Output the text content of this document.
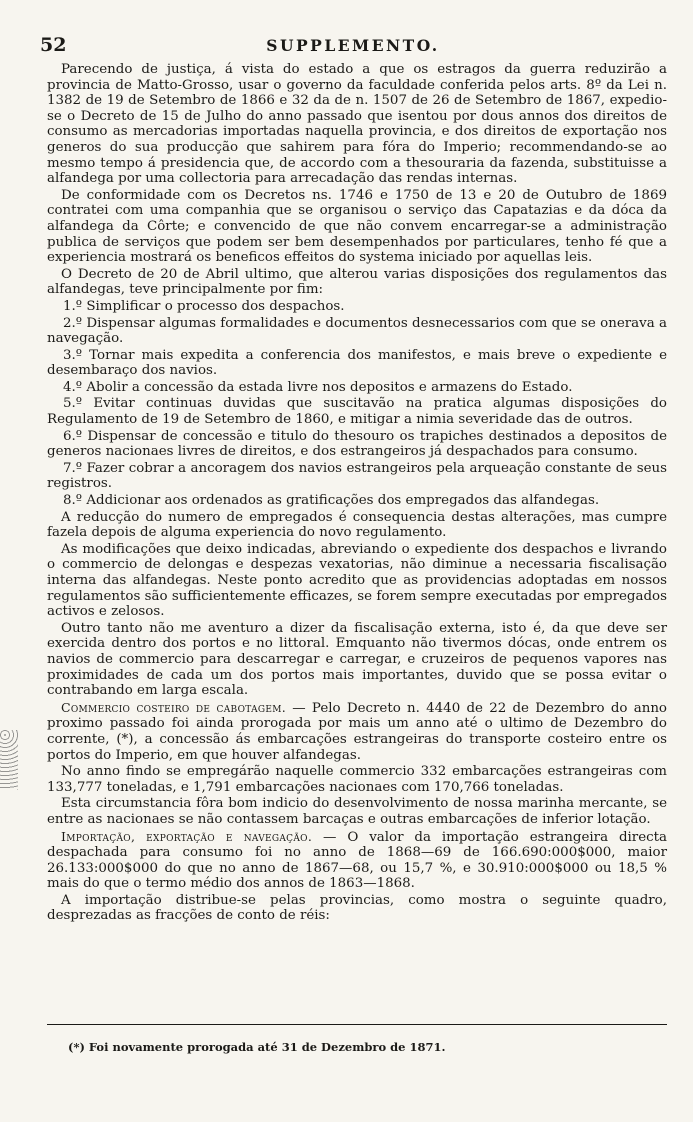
52	SUPPLEMENTO.

Parecendo de justiça, á vista do estado a que os estragos da guerra reduzirão a provincia de Matto-Grosso, usar o governo da faculdade conferida pelos arts. 8º da Lei n. 1382 de 19 de Setembro de 1866 e 32 da de n. 1507 de 26 de Setembro de 1867, expedio-se o Decreto de 15 de Julho do anno passado que isentou por dous annos dos direitos de consumo as mercadorias importadas naquella provincia, e dos direitos de exportação nos generos do sua producção que sahirem para fóra do Imperio; recommendando-se ao mesmo tempo á presidencia que, de accordo com a thesouraria da fazenda, substituisse a alfandega por uma collectoria para arrecadação das rendas internas.

De conformidade com os Decretos ns. 1746 e 1750 de 13 e 20 de Outubro de 1869 contratei com uma companhia que se organisou o serviço das Capatazias e da dóca da alfandega da Côrte; e convencido de que não convem encarregar-se a administração publica de serviços que podem ser bem desempenhados por particulares, tenho fé que a experiencia mostrará os beneficos effeitos do systema iniciado por aquellas leis.

O Decreto de 20 de Abril ultimo, que alterou varias disposições dos regulamentos das alfandegas, teve principalmente por fim:

1.º Simplificar o processo dos despachos.

2.º Dispensar algumas formalidades e documentos desnecessarios com que se onerava a navegação.

3.º Tornar mais expedita a conferencia dos manifestos, e mais breve o expediente e desembaraço dos navios.

4.º Abolir a concessão da estada livre nos depositos e armazens do Estado.

5.º Evitar continuas duvidas que suscitavão na pratica algumas disposições do Regulamento de 19 de Setembro de 1860, e mitigar a nimia severidade das de outros.

6.º Dispensar de concessão e titulo do thesouro os trapiches destinados a depositos de generos nacionaes livres de direitos, e dos estrangeiros já despachados para consumo.

7.º Fazer cobrar a ancoragem dos navios estrangeiros pela arqueação constante de seus registros.

8.º Addicionar aos ordenados as gratificações dos empregados das alfandegas.

A reducção do numero de empregados é consequencia destas alterações, mas cumpre fazela depois de alguma experiencia do novo regulamento.

As modificações que deixo indicadas, abreviando o expediente dos despachos e livrando o commercio de delongas e despezas vexatorias, não diminue a necessaria fiscalisação interna das alfandegas. Neste ponto acredito que as providencias adoptadas em nossos regulamentos são sufficientemente efficazes, se forem sempre executadas por empregados activos e zelosos.

Outro tanto não me aventuro a dizer da fiscalisação externa, isto é, da que deve ser exercida dentro dos portos e no littoral. Emquanto não tivermos dócas, onde entrem os navios de commercio para descarregar e carregar, e cruzeiros de pequenos vapores nas proximidades de cada um dos portos mais importantes, duvido que se possa evitar o contrabando em larga escala.

Commercio costeiro de cabotagem. — Pelo Decreto n. 4440 de 22 de Dezembro do anno proximo passado foi ainda prorogada por mais um anno até o ultimo de Dezembro do corrente, (*), a concessão ás embarcações estrangeiras do transporte costeiro entre os portos do Imperio, em que houver alfandegas.

No anno findo se empregárão naquelle commercio 332 embarcações estrangeiras com 133,777 toneladas, e 1,791 embarcações nacionaes com 170,766 toneladas.

Esta circumstancia fôra bom indicio do desenvolvimento de nossa marinha mercante, se entre as nacionaes se não contassem barcaças e outras embarcações de inferior lotação.

Importação, exportação e navegação. — O valor da importação estrangeira directa despachada para consumo foi no anno de 1868—69 de 166.690:000$000, maior 26.133:000$000 do que no anno de 1867—68, ou 15,7 %, e 30.910:000$000 ou 18,5 % mais do que o termo médio dos annos de 1863—1868.

A importação distribue-se pelas provincias, como mostra o seguinte quadro, desprezadas as fracções de conto de réis:

(*) Foi novamente prorogada até 31 de Dezembro de 1871.
